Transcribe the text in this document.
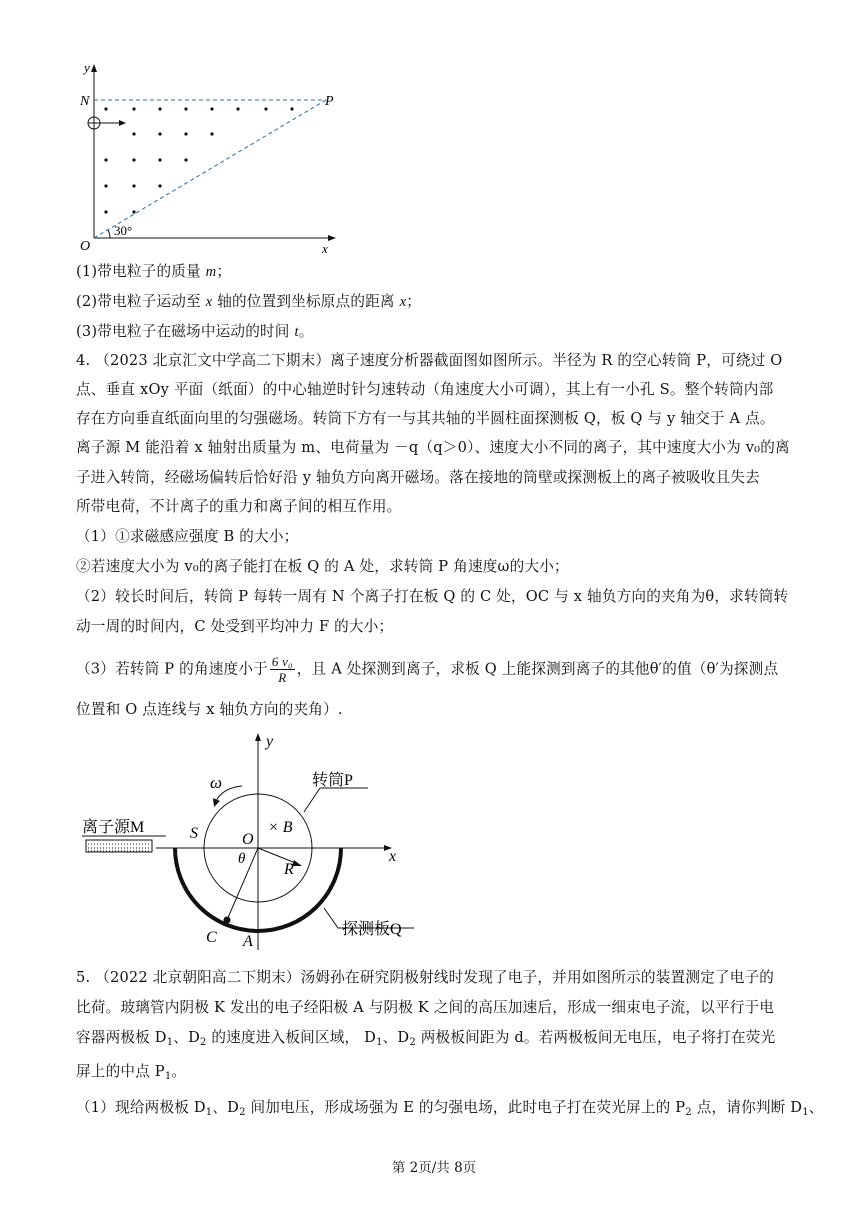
y
x
O
N	P
30°
(1)带电粒子的质量 m；
(2)带电粒子运动至 x 轴的位置到坐标原点的距离 x；
(3)带电粒子在磁场中运动的时间 t。
4. （2023 北京汇文中学高二下期末）离子速度分析器截面图如图所示。半径为 R 的空心转筒 P，可绕过 O
点、垂直 xOy 平面（纸面）的中心轴逆时针匀速转动（角速度大小可调），其上有一小孔 S。整个转筒内部
存在方向垂直纸面向里的匀强磁场。转筒下方有一与其共轴的半圆柱面探测板 Q，板 Q 与 y 轴交于 A 点。
离子源 M 能沿着 x 轴射出质量为 m、电荷量为 －q（q＞0）、速度大小不同的离子，其中速度大小为 v₀的离
子进入转筒，经磁场偏转后恰好沿 y 轴负方向离开磁场。落在接地的筒壁或探测板上的离子被吸收且失去
所带电荷，不计离子的重力和离子间的相互作用。
（1）①求磁感应强度 B 的大小；
②若速度大小为 v₀的离子能打在板 Q 的 A 处，求转筒 P 角速度ω的大小；
（2）较长时间后，转筒 P 每转一周有 N 个离子打在板 Q 的 C 处，OC 与 x 轴负方向的夹角为θ，求转筒转
动一周的时间内，C 处受到平均冲力 F 的大小；
（3）若转筒 P 的角速度小于 $\frac{\text{6 v₀}}{R}$ ，且 A 处探测到离子，求板 Q 上能探测到离子的其他θ′的值（θ′为探测点
位置和 O 点连线与 x 轴负方向的夹角）.
y
x
ω	转筒P
离子源M	S	O
× B
θ
R
C A
探测板Q
5. （2022 北京朝阳高二下期末）汤姆孙在研究阴极射线时发现了电子，并用如图所示的装置测定了电子的
比荷。玻璃管内阴极 K 发出的电子经阳极 A 与阴极 K 之间的高压加速后，形成一细束电子流，以平行于电
容器两极板 $D_1$、$D_2$ 的速度进入板间区域， $D_1$、$D_2$ 两极板间距为 d。若两极板间无电压，电子将打在荧光
屏上的中点 $P_1$。
（1）现给两极板 $D_1$、$D_2$ 间加电压，形成场强为 E 的匀强电场，此时电子打在荧光屏上的 $P_2$ 点，请你判断 $D_1$、
第 2页/共 8页
